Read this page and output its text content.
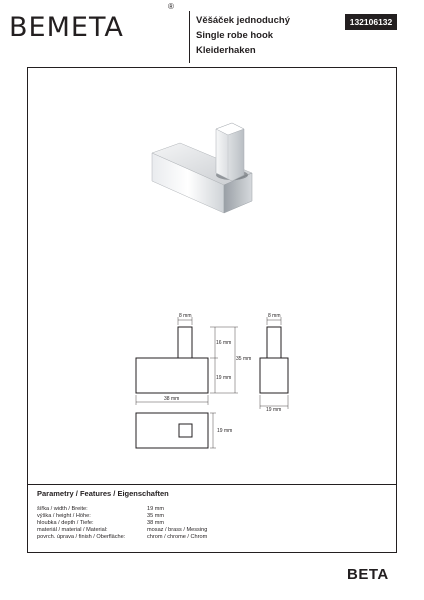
BEMETA
®
Věšáček jednoduchý
Single robe hook
Kleiderhaken
132106132
8 mm
16 mm
35 mm
19 mm
38 mm
8 mm
19 mm
19 mm
Parametry / Features / Eigenschaften
šířka / width / Breite:	19 mm
výška / height / Höhe:	35 mm
hloubka / depth / Tiefe:	38 mm
materiál / material / Material:	mosaz / brass / Messing
povrch. úprava / finish / Oberfläche:	chrom / chrome / Chrom
BETA
